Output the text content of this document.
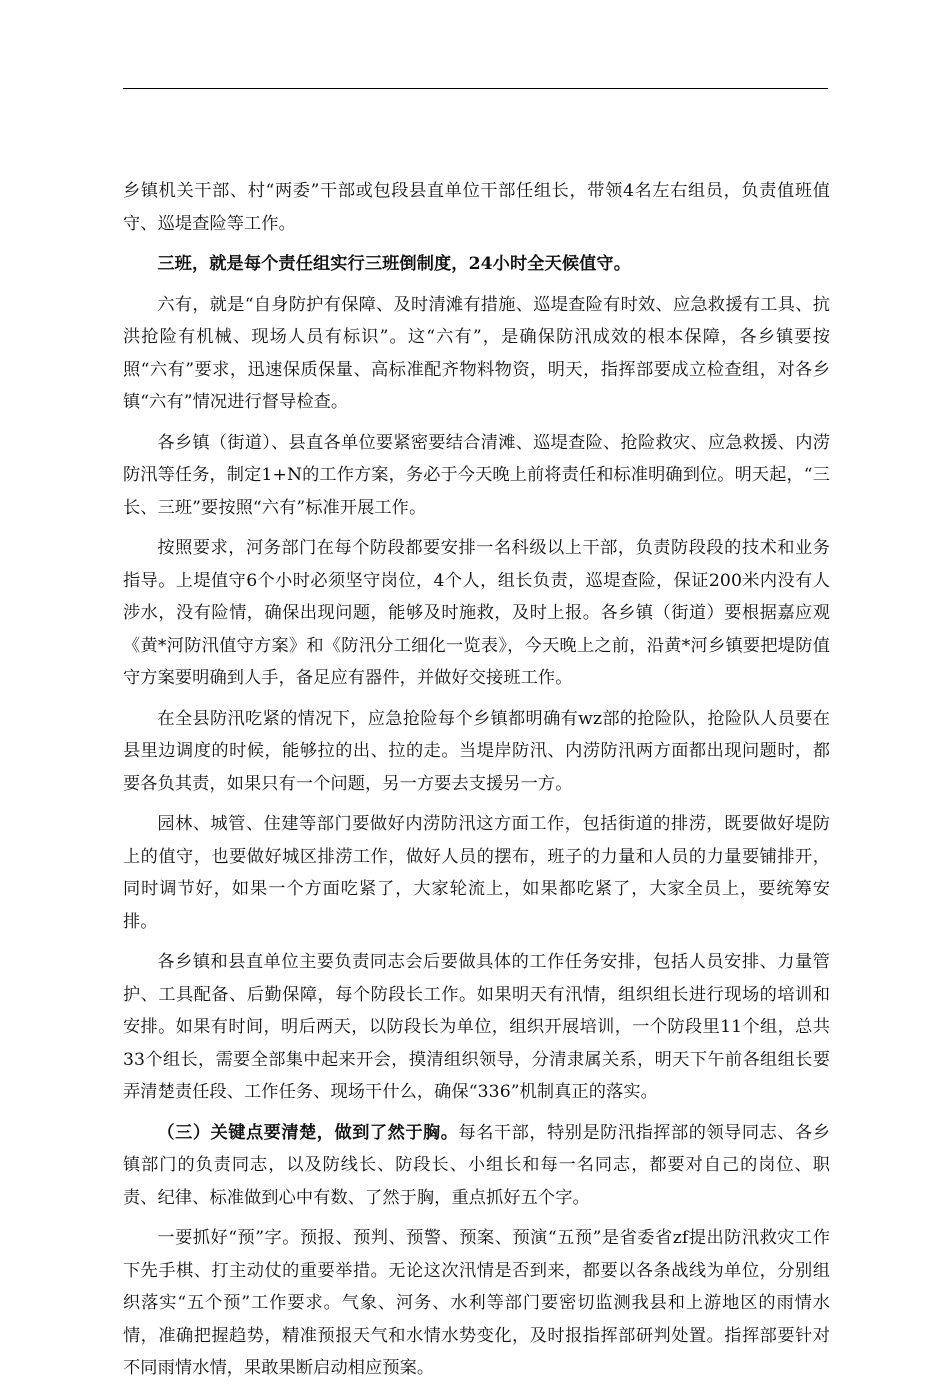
乡镇机关干部、村“两委”干部或包段县直单位干部任组长，带领4名左右组员，负责值班值守、巡堤查险等工作。

三班，就是每个责任组实行三班倒制度，24小时全天候值守。

六有，就是“自身防护有保障、及时清滩有措施、巡堤查险有时效、应急救援有工具、抗洪抢险有机械、现场人员有标识”。这“六有”，是确保防汛成效的根本保障，各乡镇要按照“六有”要求，迅速保质保量、高标准配齐物料物资，明天，指挥部要成立检查组，对各乡镇“六有”情况进行督导检查。

各乡镇（街道）、县直各单位要紧密要结合清滩、巡堤查险、抢险救灾、应急救援、内涝防汛等任务，制定1+N的工作方案，务必于今天晚上前将责任和标准明确到位。明天起，“三长、三班”要按照“六有”标准开展工作。

按照要求，河务部门在每个防段都要安排一名科级以上干部，负责防段段的技术和业务指导。上堤值守6个小时必须坚守岗位，4个人，组长负责，巡堤查险，保证200米内没有人涉水，没有险情，确保出现问题，能够及时施救，及时上报。各乡镇（街道）要根据嘉应观《黄*河防汛值守方案》和《防汛分工细化一览表》，今天晚上之前，沿黄*河乡镇要把堤防值守方案要明确到人手，备足应有器件，并做好交接班工作。

在全县防汛吃紧的情况下，应急抢险每个乡镇都明确有wz部的抢险队，抢险队人员要在县里边调度的时候，能够拉的出、拉的走。当堤岸防汛、内涝防汛两方面都出现问题时，都要各负其责，如果只有一个问题，另一方要去支援另一方。

园林、城管、住建等部门要做好内涝防汛这方面工作，包括街道的排涝，既要做好堤防上的值守，也要做好城区排涝工作，做好人员的摆布，班子的力量和人员的力量要铺排开，同时调节好，如果一个方面吃紧了，大家轮流上，如果都吃紧了，大家全员上，要统筹安排。

各乡镇和县直单位主要负责同志会后要做具体的工作任务安排，包括人员安排、力量管护、工具配备、后勤保障，每个防段长工作。如果明天有汛情，组织组长进行现场的培训和安排。如果有时间，明后两天，以防段长为单位，组织开展培训，一个防段里11个组，总共33个组长，需要全部集中起来开会，摸清组织领导，分清隶属关系，明天下午前各组组长要弄清楚责任段、工作任务、现场干什么，确保“336”机制真正的落实。

（三）关键点要清楚，做到了然于胸。每名干部，特别是防汛指挥部的领导同志、各乡镇部门的负责同志，以及防线长、防段长、小组长和每一名同志，都要对自己的岗位、职责、纪律、标准做到心中有数、了然于胸，重点抓好五个字。

一要抓好“预”字。预报、预判、预警、预案、预演“五预”是省委省zf提出防汛救灾工作下先手棋、打主动仗的重要举措。无论这次汛情是否到来，都要以各条战线为单位，分别组织落实“五个预”工作要求。气象、河务、水利等部门要密切监测我县和上游地区的雨情水情，准确把握趋势，精准预报天气和水情水势变化，及时报指挥部研判处置。指挥部要针对不同雨情水情，果敢果断启动相应预案。
